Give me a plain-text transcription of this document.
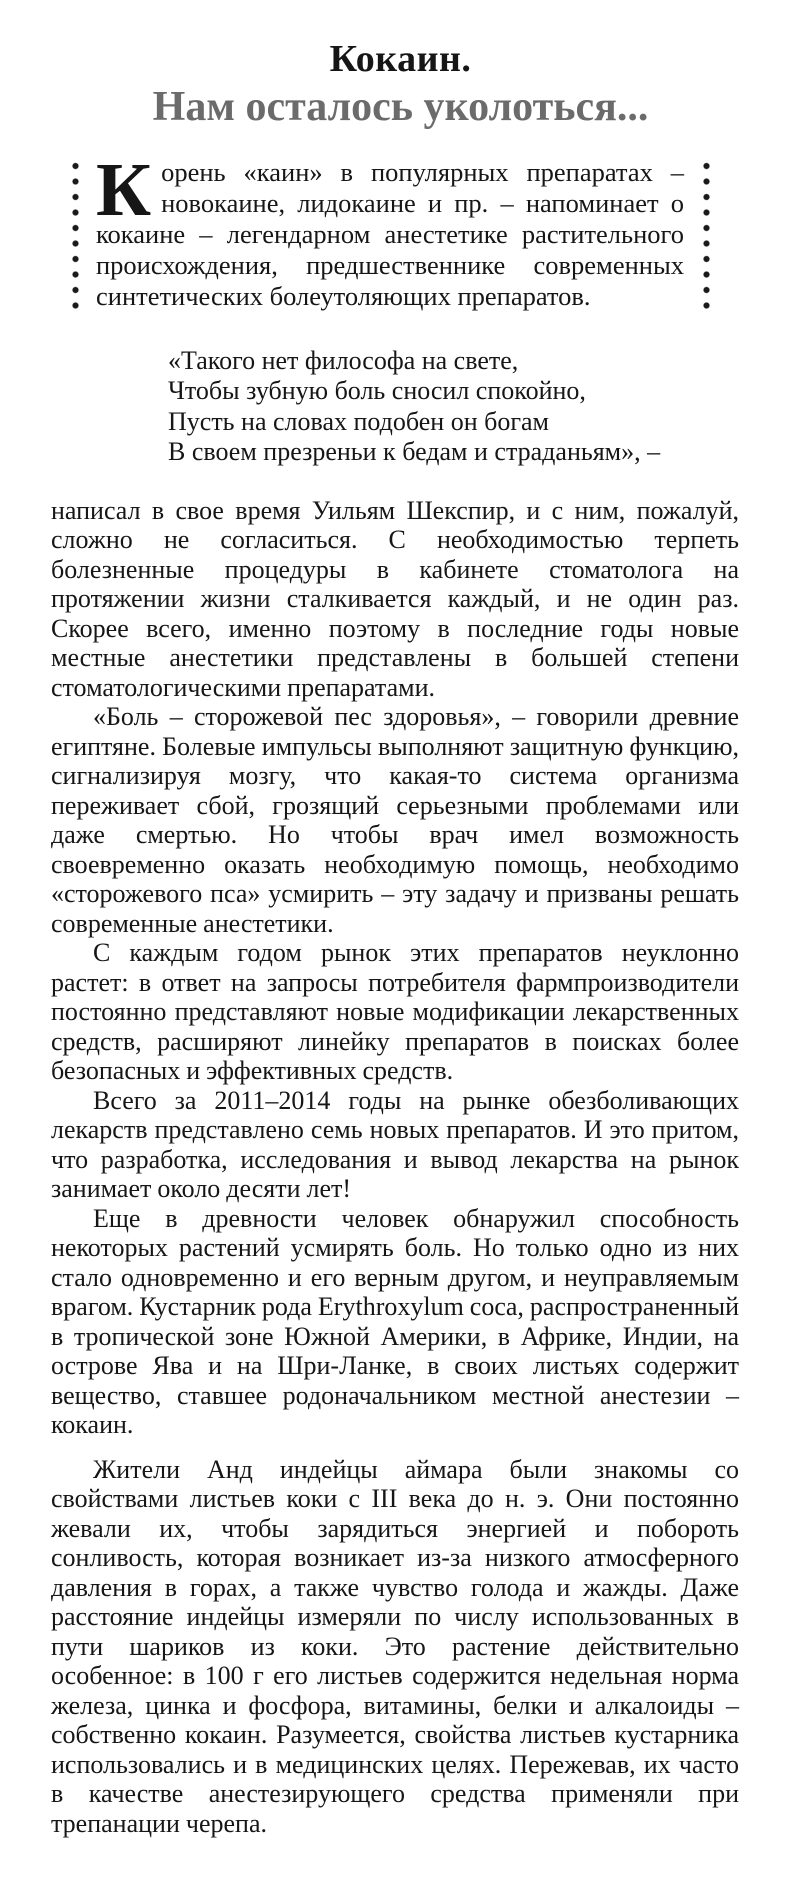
Кокаин.
Нам осталось уколоться...

Корень «каин» в популярных препаратах – новокаине, лидокаине и пр. – напоминает о кокаине – легендарном анестетике растительного происхождения, предшественнике современных синтетических болеутоляющих препаратов.

«Такого нет философа на свете,
Чтобы зубную боль сносил спокойно,
Пусть на словах подобен он богам
В своем презреньи к бедам и страданьям», –

написал в свое время Уильям Шекспир, и с ним, пожалуй, сложно не согласиться. С необходимостью терпеть болезненные процедуры в кабинете стоматолога на протяжении жизни сталкивается каждый, и не один раз. Скорее всего, именно поэтому в последние годы новые местные анестетики представлены в большей степени стоматологическими препаратами.

«Боль – сторожевой пес здоровья», – говорили древние египтяне. Болевые импульсы выполняют защитную функцию, сигнализируя мозгу, что какая-то система организма переживает сбой, грозящий серьезными проблемами или даже смертью. Но чтобы врач имел возможность своевременно оказать необходимую помощь, необходимо «сторожевого пса» усмирить – эту задачу и призваны решать современные анестетики.

С каждым годом рынок этих препаратов неуклонно растет: в ответ на запросы потребителя фармпроизводители постоянно представляют новые модификации лекарственных средств, расширяют линейку препаратов в поисках более безопасных и эффективных средств.

Всего за 2011–2014 годы на рынке обезболивающих лекарств представлено семь новых препаратов. И это притом, что разработка, исследования и вывод лекарства на рынок занимает около десяти лет!

Еще в древности человек обнаружил способность некоторых растений усмирять боль. Но только одно из них стало одновременно и его верным другом, и неуправляемым врагом. Кустарник рода Erythroxylum coca, распространенный в тропической зоне Южной Америки, в Африке, Индии, на острове Ява и на Шри-Ланке, в своих листьях содержит вещество, ставшее родоначальником местной анестезии – кокаин.

Жители Анд индейцы аймара были знакомы со свойствами листьев коки с III века до н. э. Они постоянно жевали их, чтобы зарядиться энергией и побороть сонливость, которая возникает из-за низкого атмосферного давления в горах, а также чувство голода и жажды. Даже расстояние индейцы измеряли по числу использованных в пути шариков из коки. Это растение действительно особенное: в 100 г его листьев содержится недельная норма железа, цинка и фосфора, витамины, белки и алкалоиды – собственно кокаин. Разумеется, свойства листьев кустарника использовались и в медицинских целях. Пережевав, их часто в качестве анестезирующего средства применяли при трепанации черепа.
